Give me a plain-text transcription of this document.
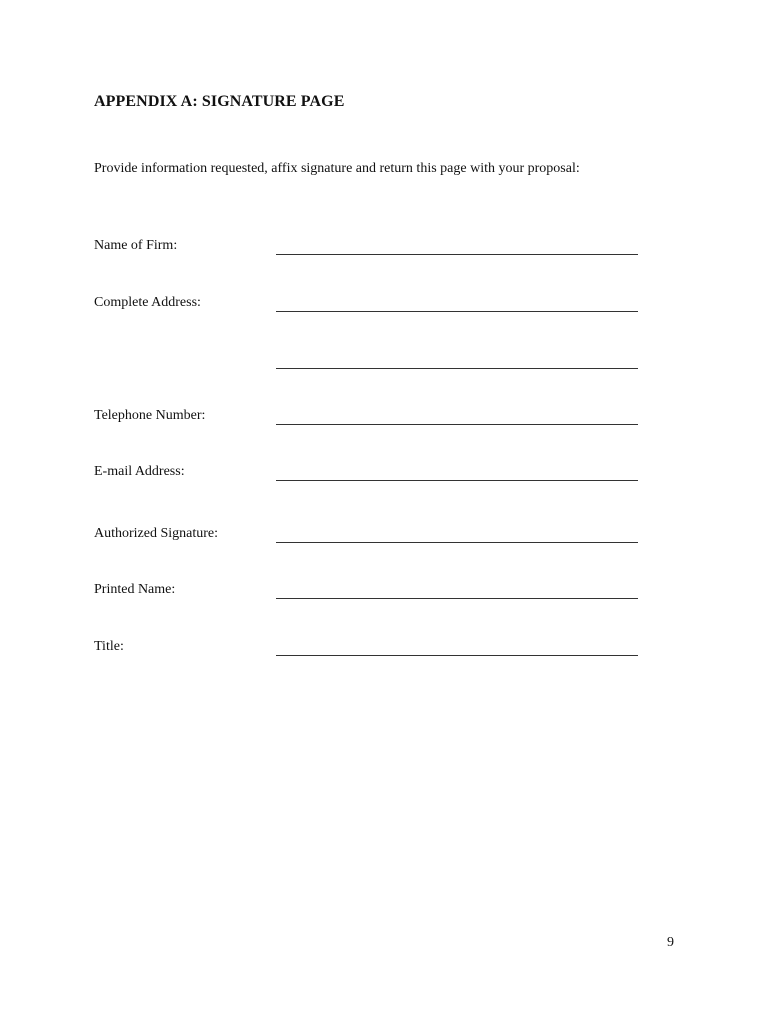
APPENDIX A: SIGNATURE PAGE
Provide information requested, affix signature and return this page with your proposal:
Name of Firm:
Complete Address:
Telephone Number:
E-mail Address:
Authorized Signature:
Printed Name:
Title:
9
